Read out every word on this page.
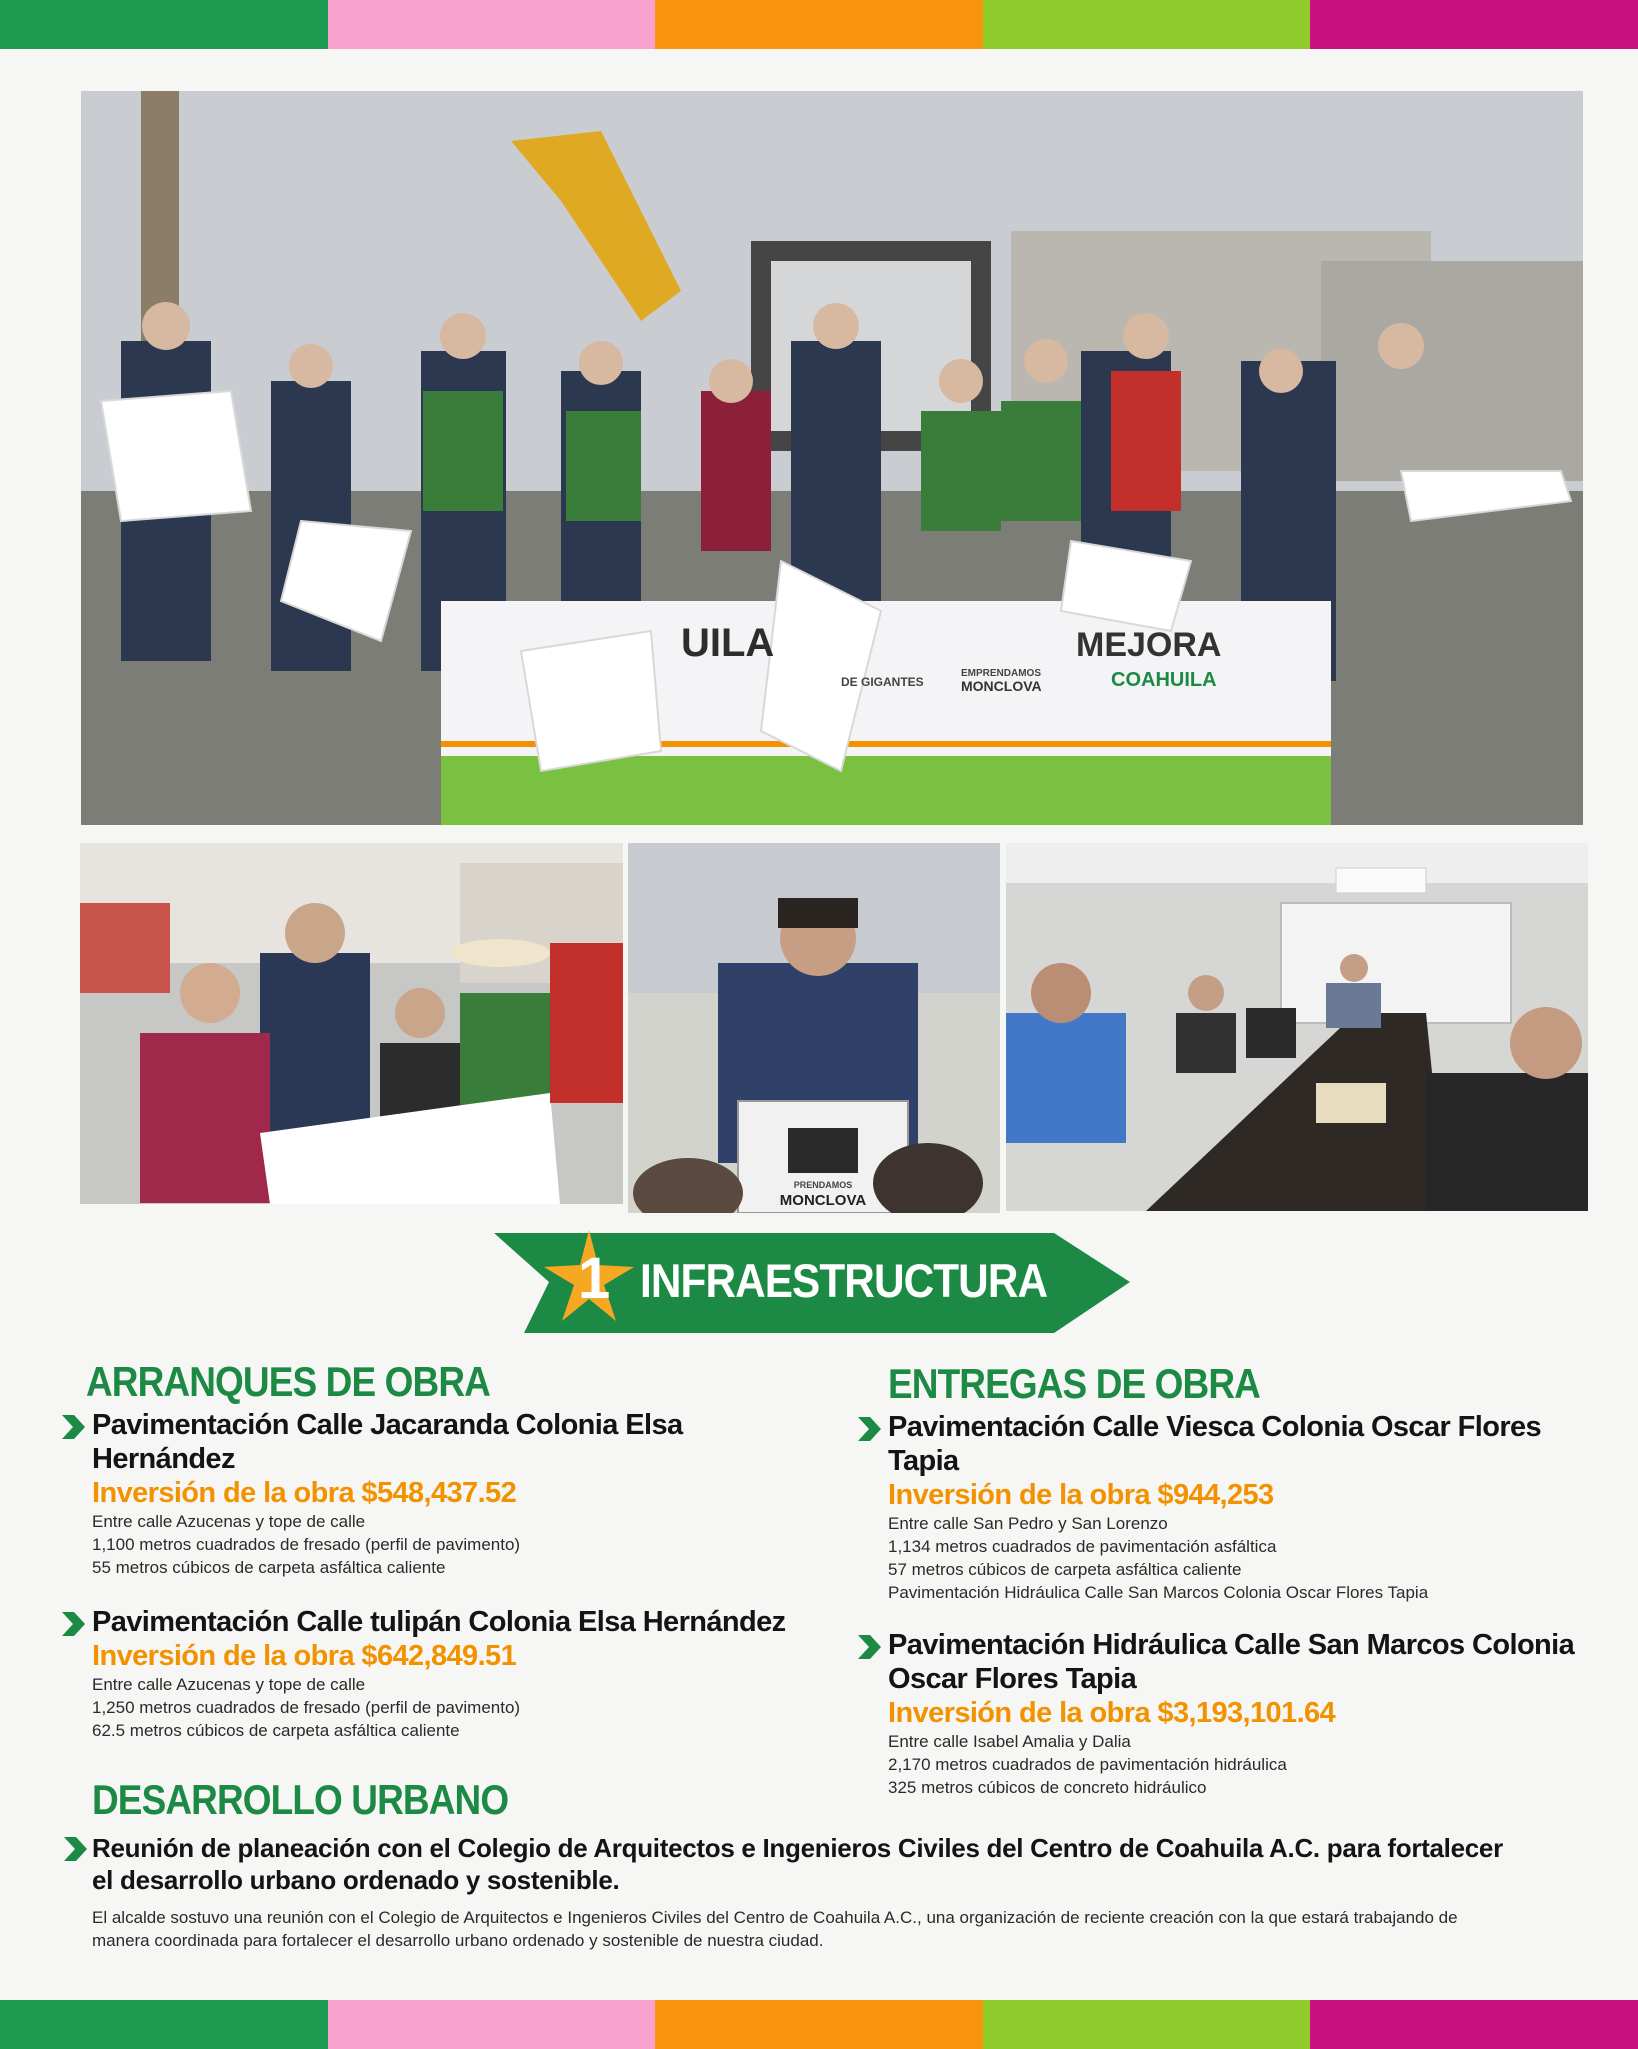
UILA	MEJORA
COAHUILA
DE GIGANTES
EMPRENDAMOS
MONCLOVA
PRENDAMOS
MONCLOVA
1 INFRAESTRUCTURA
ARRANQUES DE OBRA
Pavimentación Calle Jacaranda Colonia Elsa Hernández
Inversión de la obra $548,437.52
Entre calle Azucenas y tope de calle
1,100 metros cuadrados de fresado (perfil de pavimento)
55 metros cúbicos de carpeta asfáltica caliente
Pavimentación Calle tulipán Colonia Elsa Hernández
Inversión de la obra $642,849.51
Entre calle Azucenas y tope de calle
1,250 metros cuadrados de fresado (perfil de pavimento)
62.5 metros cúbicos de carpeta asfáltica caliente
ENTREGAS DE OBRA
Pavimentación Calle Viesca Colonia Oscar Flores Tapia
Inversión de la obra $944,253
Entre calle San Pedro y San Lorenzo
1,134 metros cuadrados de pavimentación asfáltica
57 metros cúbicos de carpeta asfáltica caliente
Pavimentación Hidráulica Calle San Marcos Colonia Oscar Flores Tapia
Pavimentación Hidráulica Calle San Marcos Colonia Oscar Flores Tapia
Inversión de la obra $3,193,101.64
Entre calle Isabel Amalia y Dalia
2,170 metros cuadrados de pavimentación hidráulica
325 metros cúbicos de concreto hidráulico
DESARROLLO URBANO
Reunión de planeación con el Colegio de Arquitectos e Ingenieros Civiles del Centro de Coahuila A.C. para fortalecer el desarrollo urbano ordenado y sostenible.
El alcalde sostuvo una reunión con el Colegio de Arquitectos e Ingenieros Civiles del Centro de Coahuila A.C., una organización de reciente creación con la que estará trabajando de manera coordinada para fortalecer el desarrollo urbano ordenado y sostenible de nuestra ciudad.
